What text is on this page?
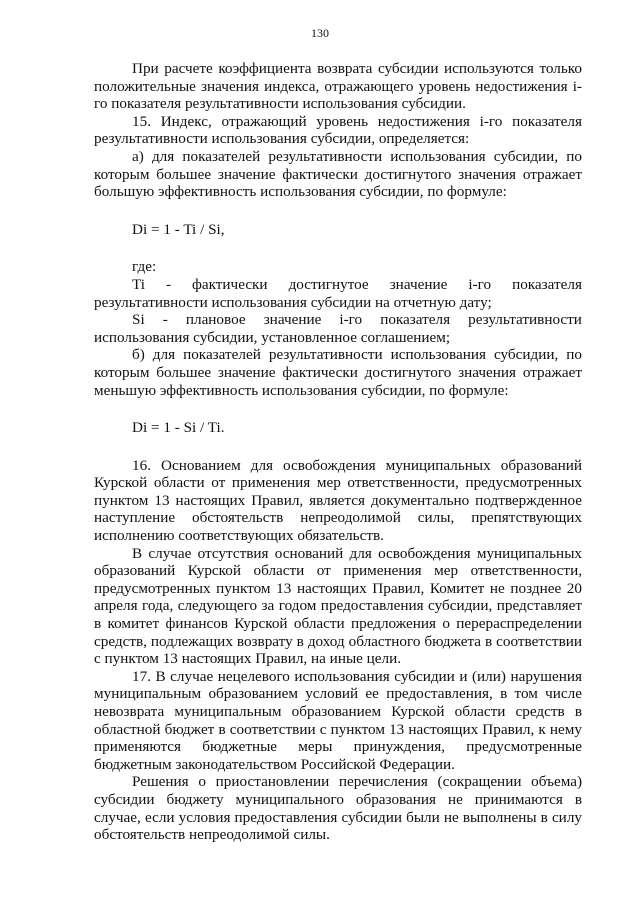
130

При расчете коэффициента возврата субсидии используются только положительные значения индекса, отражающего уровень недостижения i-го показателя результативности использования субсидии.

15. Индекс, отражающий уровень недостижения i-го показателя результативности использования субсидии, определяется:

а) для показателей результативности использования субсидии, по которым большее значение фактически достигнутого значения отражает большую эффективность использования субсидии, по формуле:

Di = 1 - Ti / Si,

где:

Ti - фактически достигнутое значение i-го показателя

результативности использования субсидии на отчетную дату;

Si - плановое значение i-го показателя результативности

использования субсидии, установленное соглашением;

б) для показателей результативности использования субсидии, по которым большее значение фактически достигнутого значения отражает меньшую эффективность использования субсидии, по формуле:

Di = 1 - Si / Ti.

16. Основанием для освобождения муниципальных образований Курской области от применения мер ответственности, предусмотренных пунктом 13 настоящих Правил, является документально подтвержденное наступление обстоятельств непреодолимой силы, препятствующих исполнению соответствующих обязательств.

В случае отсутствия оснований для освобождения муниципальных образований Курской области от применения мер ответственности, предусмотренных пунктом 13 настоящих Правил, Комитет не позднее 20 апреля года, следующего за годом предоставления субсидии, представляет в комитет финансов Курской области предложения о перераспределении средств, подлежащих возврату в доход областного бюджета в соответствии с пунктом 13 настоящих Правил, на иные цели.

17. В случае нецелевого использования субсидии и (или) нарушения муниципальным образованием условий ее предоставления, в том числе невозврата муниципальным образованием Курской области средств в областной бюджет в соответствии с пунктом 13 настоящих Правил, к нему применяются бюджетные меры принуждения, предусмотренные бюджетным законодательством Российской Федерации.

Решения о приостановлении перечисления (сокращении объема) субсидии бюджету муниципального образования не принимаются в случае, если условия предоставления субсидии были не выполнены в силу обстоятельств непреодолимой силы.
